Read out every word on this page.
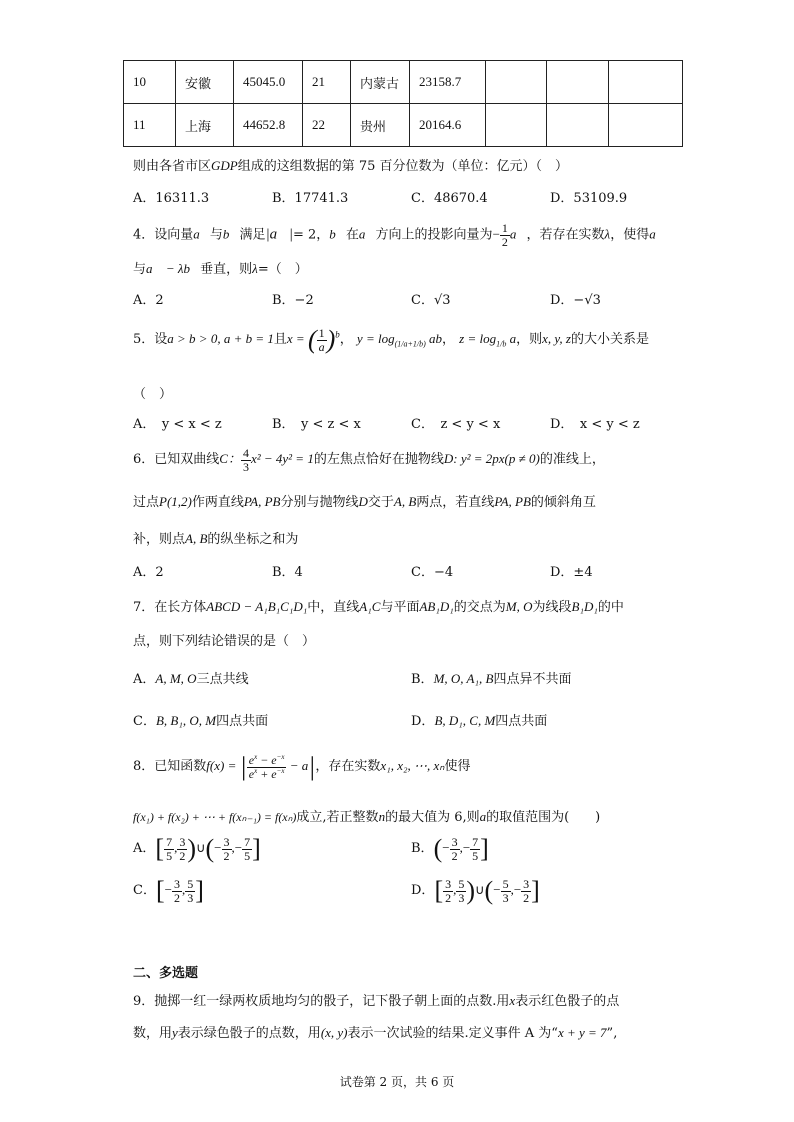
10	安徽	45045.0	21	内蒙古	23158.7			
11	上海	44652.8	22	贵州	20164.6			
则由各省市区GDP组成的这组数据的第 75 百分位数为（单位：亿元）（　）
A．16311.3	B．17741.3	C．48670.4	D．53109.9
4．设向量a⃗与b⃗满足|a⃗|= 2，b⃗在a⃗方向上的投影向量为− $\frac{1}{2}$ a⃗，若存在实数λ，使得a⃗
与a⃗ − λb⃗垂直，则λ=（　）
A．2	B．−2	C．√3	D．−√3
5．设a > b > 0, a + b = 1且x = ( $\frac{1}{a} )^b$， $y = \log_{(1/a+1/b)}$ ab， $z = \log_{1/b} a$，则x, y, z的大小关系是
（　）
A．　y < x < z	B．　y < z < x	C．　z < y < x	D．　x < y < z
6．已知双曲线C： $\frac{4}{3} x^2 - 4y^2 = 1$的左焦点恰好在抛物线D: y² = 2px(p ≠ 0)的准线上，
过点P(1,2)作两直线PA, PB分别与抛物线D交于A, B两点，若直线PA, PB的倾斜角互
补，则点A, B的纵坐标之和为
A．2	B．4	C．−4	D．±4
7．在长方体ABCD − A₁B₁C₁D₁中，直线A₁C与平面AB₁D₁的交点为M, O为线段B₁D₁的中
点，则下列结论错误的是（　）
A．A, M, O三点共线	B．M, O, A₁, B四点异不共面
C．B, B₁, O, M四点共面	D．B, D₁, C, M四点共面
8．已知函数f(x) = | $\frac{e^x - e^{-x}}{e^x + e^{-x}} - a|$，存在实数x₁, x₂, ⋯, xₙ使得
f(x₁) + f(x₂) + ⋯ + f(xₙ₋₁) = f(xₙ)成立,若正整数n的最大值为 6,则a的取值范围为(　　)
A．[ $\frac{7}{5}$ , $\frac{3}{2}$ )∪(− $\frac{3}{2}$ ,− $\frac{7}{5}$ ]	B．(− $\frac{3}{2}$ ,− $\frac{7}{5}$ ]
C．[− $\frac{3}{2}$ , $\frac{5}{3}$ ]	D．[ $\frac{3}{2}$ , $\frac{5}{3}$ )∪(− $\frac{5}{3}$ ,− $\frac{3}{2}$ ]
二、多选题
9．抛掷一红一绿两枚质地均匀的骰子，记下骰子朝上面的点数.用x表示红色骰子的点
数，用y表示绿色骰子的点数，用(x, y)表示一次试验的结果.定义事件 A 为“x + y = 7”,
试卷第 2 页，共 6 页
